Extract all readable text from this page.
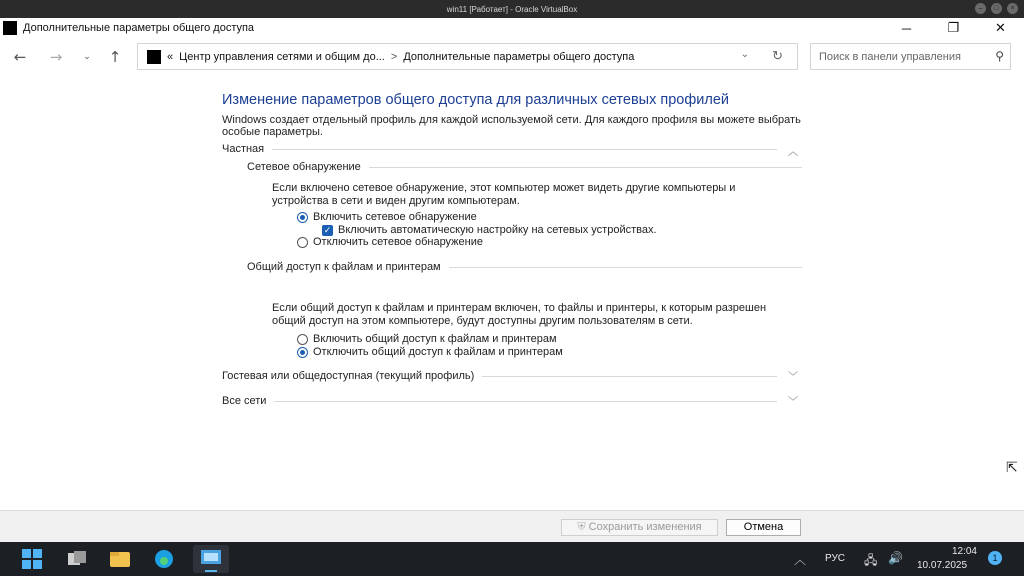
win11 [Работает] - Oracle VirtualBox	–	□	×
Дополнительные параметры общего доступа	─	❐	✕
←	→	⌄	↑	« Центр управления сетями и общим до... > Дополнительные параметры общего доступа	⌄ ↻	Поиск в панели управления	⚲
Изменение параметров общего доступа для различных сетевых профилей
Windows создает отдельный профиль для каждой используемой сети. Для каждого профиля вы можете выбрать особые параметры.
Частная	︿
Сетевое обнаружение
Если включено сетевое обнаружение, этот компьютер может видеть другие компьютеры и устройства в сети и виден другим компьютерам.
Включить сетевое обнаружение
✓ Включить автоматическую настройку на сетевых устройствах.
Отключить сетевое обнаружение
Общий доступ к файлам и принтерам
Если общий доступ к файлам и принтерам включен, то файлы и принтеры, к которым разрешен общий доступ на этом компьютере, будут доступны другим пользователям в сети.
Включить общий доступ к файлам и принтерам
Отключить общий доступ к файлам и принтерам
Гостевая или общедоступная (текущий профиль)	﹀
Все сети	﹀
⇱
⛨ Сохранить изменения	Отмена
︿ РУС 🖧 🔊	12:04
10.07.2025
1
